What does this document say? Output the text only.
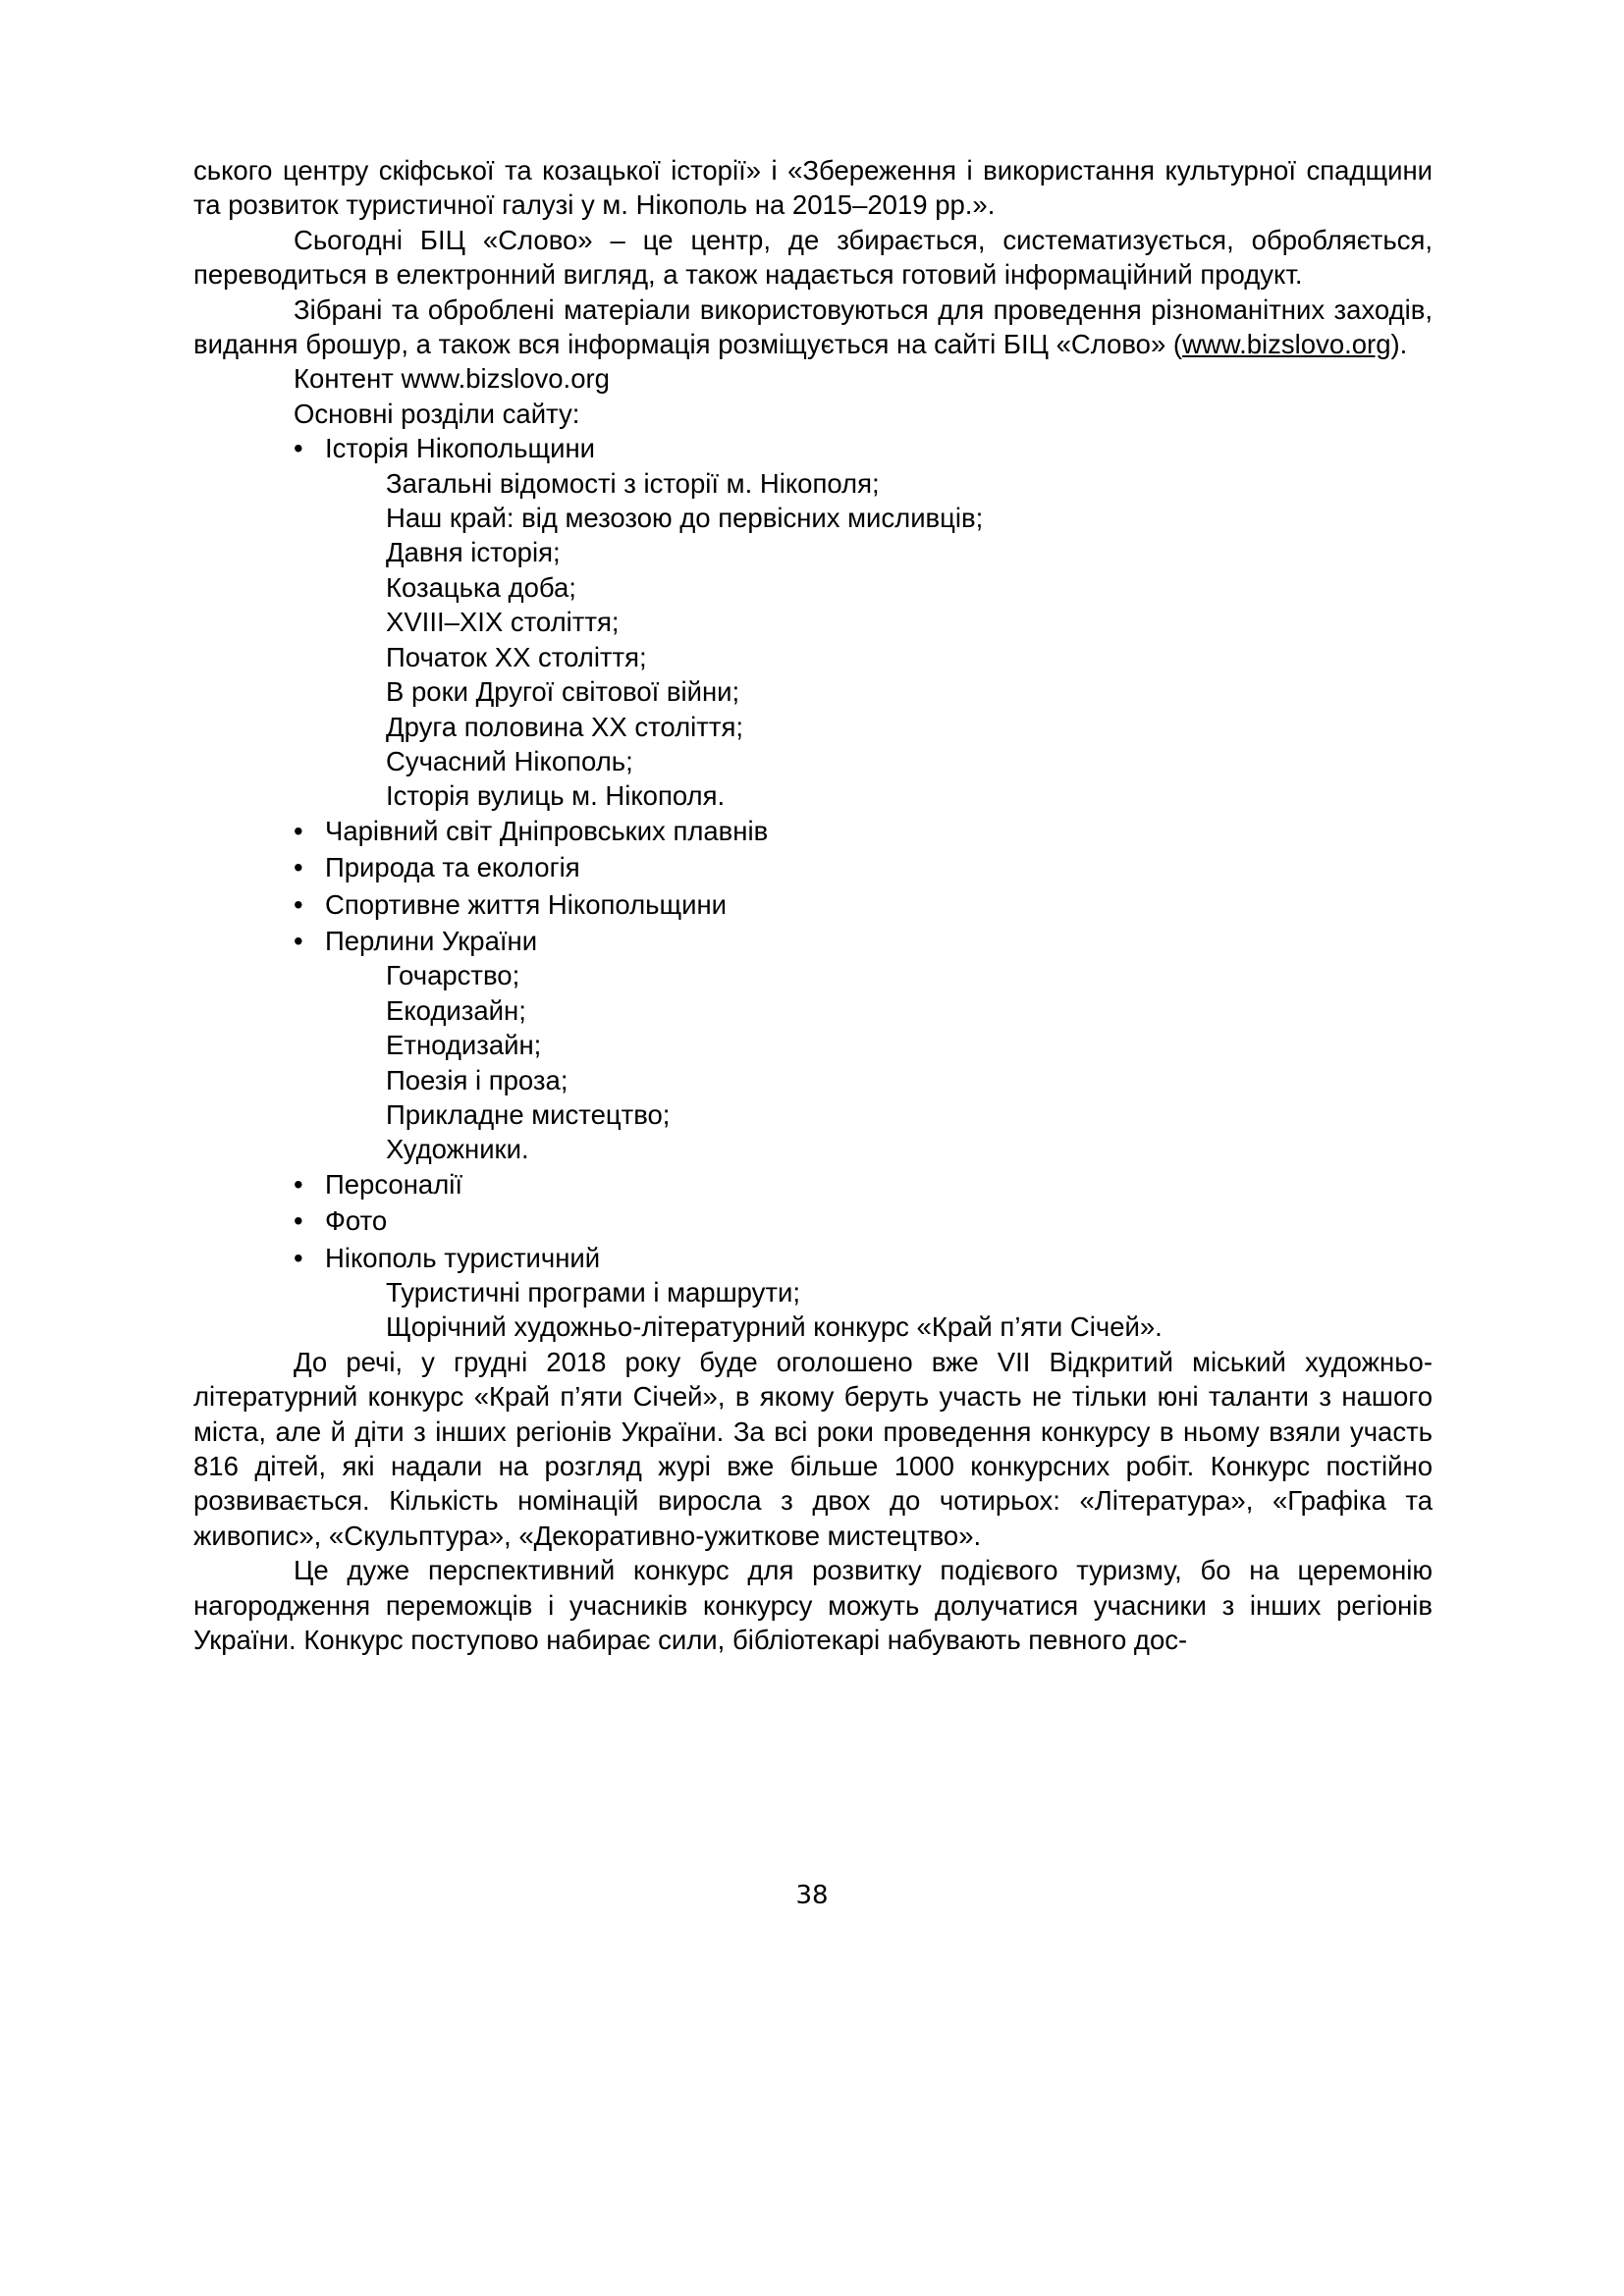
ського центру скіфської та козацької історії» і «Збереження і використання культурної спадщини та розвиток туристичної галузі у м. Нікополь на 2015–2019 рр.».

Сьогодні БІЦ «Слово» – це центр, де збирається, систематизується, обробляється, переводиться в електронний вигляд, а також надається готовий інформаційний продукт.

Зібрані та оброблені матеріали використовуються для проведення різноманітних заходів, видання брошур, а також вся інформація розміщується на сайті БІЦ «Слово» (www.bizslovo.org).

Контент www.bizslovo.org

Основні розділи сайту:

• Історія Нікопольщини
Загальні відомості з історії м. Нікополя;
Наш край: від мезозою до первісних мисливців;
Давня історія;
Козацька доба;
XVIII–XIX століття;
Початок XX століття;
В роки Другої світової війни;
Друга половина XX століття;
Сучасний Нікополь;
Історія вулиць м. Нікополя.
• Чарівний світ Дніпровських плавнів
• Природа та екологія
• Спортивне життя Нікопольщини
• Перлини України
Гочарство;
Екодизайн;
Етнодизайн;
Поезія і проза;
Прикладне мистецтво;
Художники.
• Персоналії
• Фото
• Нікополь туристичний
Туристичні програми і маршрути;
Щорічний художньо-літературний конкурс «Край п’яти Січей».

До речі, у грудні 2018 року буде оголошено вже VII Відкритий міський художньо-літературний конкурс «Край п’яти Січей», в якому беруть участь не тільки юні таланти з нашого міста, але й діти з інших регіонів України. За всі роки проведення конкурсу в ньому взяли участь 816 дітей, які надали на розгляд журі вже більше 1000 конкурсних робіт. Конкурс постійно розвивається. Кількість номінацій виросла з двох до чотирьох: «Література», «Графіка та живопис», «Скульптура», «Декоративно-ужиткове мистецтво».

Це дуже перспективний конкурс для розвитку подієвого туризму, бо на церемонію нагородження переможців і учасників конкурсу можуть долучатися учасники з інших регіонів України. Конкурс поступово набирає сили, бібліотекарі набувають певного дос-

38
